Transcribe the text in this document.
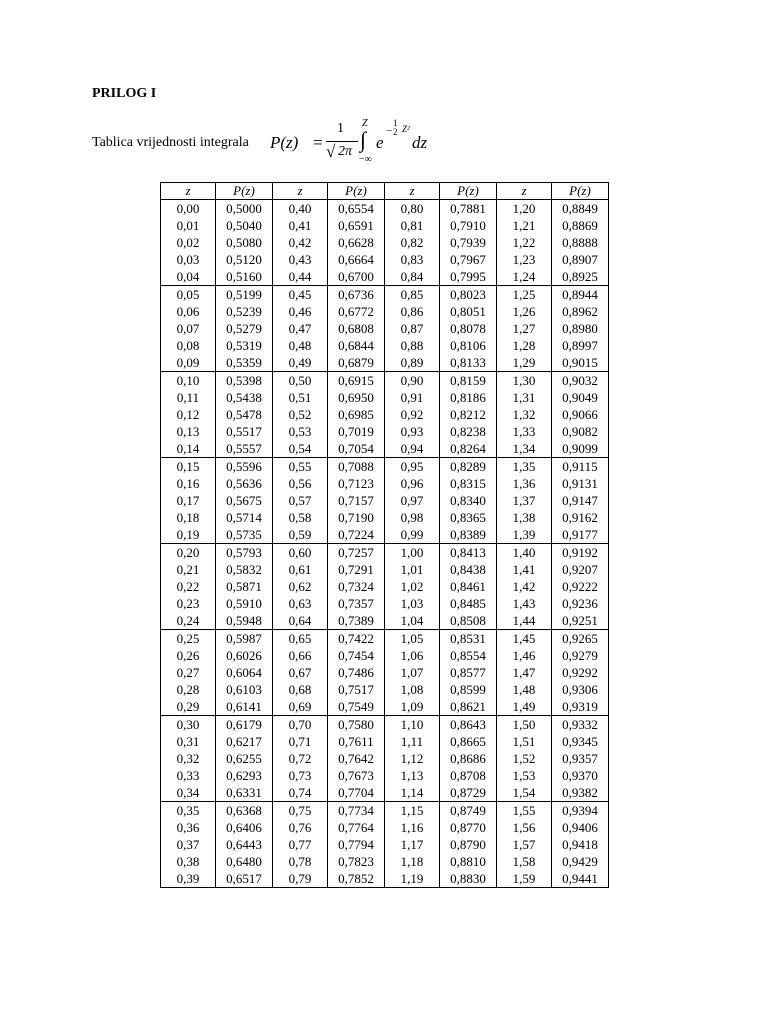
PRILOG I
Tablica vrijednosti integrala P(z) =
1
√ 2π ∫
Z
−∞
e
−
1
2 Z²
dz
z	P(z)	z	P(z)	z	P(z)	z	P(z)
0,00	0,5000	0,40	0,6554	0,80	0,7881	1,20	0,8849
0,01	0,5040	0,41	0,6591	0,81	0,7910	1,21	0,8869
0,02	0,5080	0,42	0,6628	0,82	0,7939	1,22	0,8888
0,03	0,5120	0,43	0,6664	0,83	0,7967	1,23	0,8907
0,04	0,5160	0,44	0,6700	0,84	0,7995	1,24	0,8925
0,05	0,5199	0,45	0,6736	0,85	0,8023	1,25	0,8944
0,06	0,5239	0,46	0,6772	0,86	0,8051	1,26	0,8962
0,07	0,5279	0,47	0,6808	0,87	0,8078	1,27	0,8980
0,08	0,5319	0,48	0,6844	0,88	0,8106	1,28	0,8997
0,09	0,5359	0,49	0,6879	0,89	0,8133	1,29	0,9015
0,10	0,5398	0,50	0,6915	0,90	0,8159	1,30	0,9032
0,11	0,5438	0,51	0,6950	0,91	0,8186	1,31	0,9049
0,12	0,5478	0,52	0,6985	0,92	0,8212	1,32	0,9066
0,13	0,5517	0,53	0,7019	0,93	0,8238	1,33	0,9082
0,14	0,5557	0,54	0,7054	0,94	0,8264	1,34	0,9099
0,15	0,5596	0,55	0,7088	0,95	0,8289	1,35	0,9115
0,16	0,5636	0,56	0,7123	0,96	0,8315	1,36	0,9131
0,17	0,5675	0,57	0,7157	0,97	0,8340	1,37	0,9147
0,18	0,5714	0,58	0,7190	0,98	0,8365	1,38	0,9162
0,19	0,5735	0,59	0,7224	0,99	0,8389	1,39	0,9177
0,20	0,5793	0,60	0,7257	1,00	0,8413	1,40	0,9192
0,21	0,5832	0,61	0,7291	1,01	0,8438	1,41	0,9207
0,22	0,5871	0,62	0,7324	1,02	0,8461	1,42	0,9222
0,23	0,5910	0,63	0,7357	1,03	0,8485	1,43	0,9236
0,24	0,5948	0,64	0,7389	1,04	0,8508	1,44	0,9251
0,25	0,5987	0,65	0,7422	1,05	0,8531	1,45	0,9265
0,26	0,6026	0,66	0,7454	1,06	0,8554	1,46	0,9279
0,27	0,6064	0,67	0,7486	1,07	0,8577	1,47	0,9292
0,28	0,6103	0,68	0,7517	1,08	0,8599	1,48	0,9306
0,29	0,6141	0,69	0,7549	1,09	0,8621	1,49	0,9319
0,30	0,6179	0,70	0,7580	1,10	0,8643	1,50	0,9332
0,31	0,6217	0,71	0,7611	1,11	0,8665	1,51	0,9345
0,32	0,6255	0,72	0,7642	1,12	0,8686	1,52	0,9357
0,33	0,6293	0,73	0,7673	1,13	0,8708	1,53	0,9370
0,34	0,6331	0,74	0,7704	1,14	0,8729	1,54	0,9382
0,35	0,6368	0,75	0,7734	1,15	0,8749	1,55	0,9394
0,36	0,6406	0,76	0,7764	1,16	0,8770	1,56	0,9406
0,37	0,6443	0,77	0,7794	1,17	0,8790	1,57	0,9418
0,38	0,6480	0,78	0,7823	1,18	0,8810	1,58	0,9429
0,39	0,6517	0,79	0,7852	1,19	0,8830	1,59	0,9441
